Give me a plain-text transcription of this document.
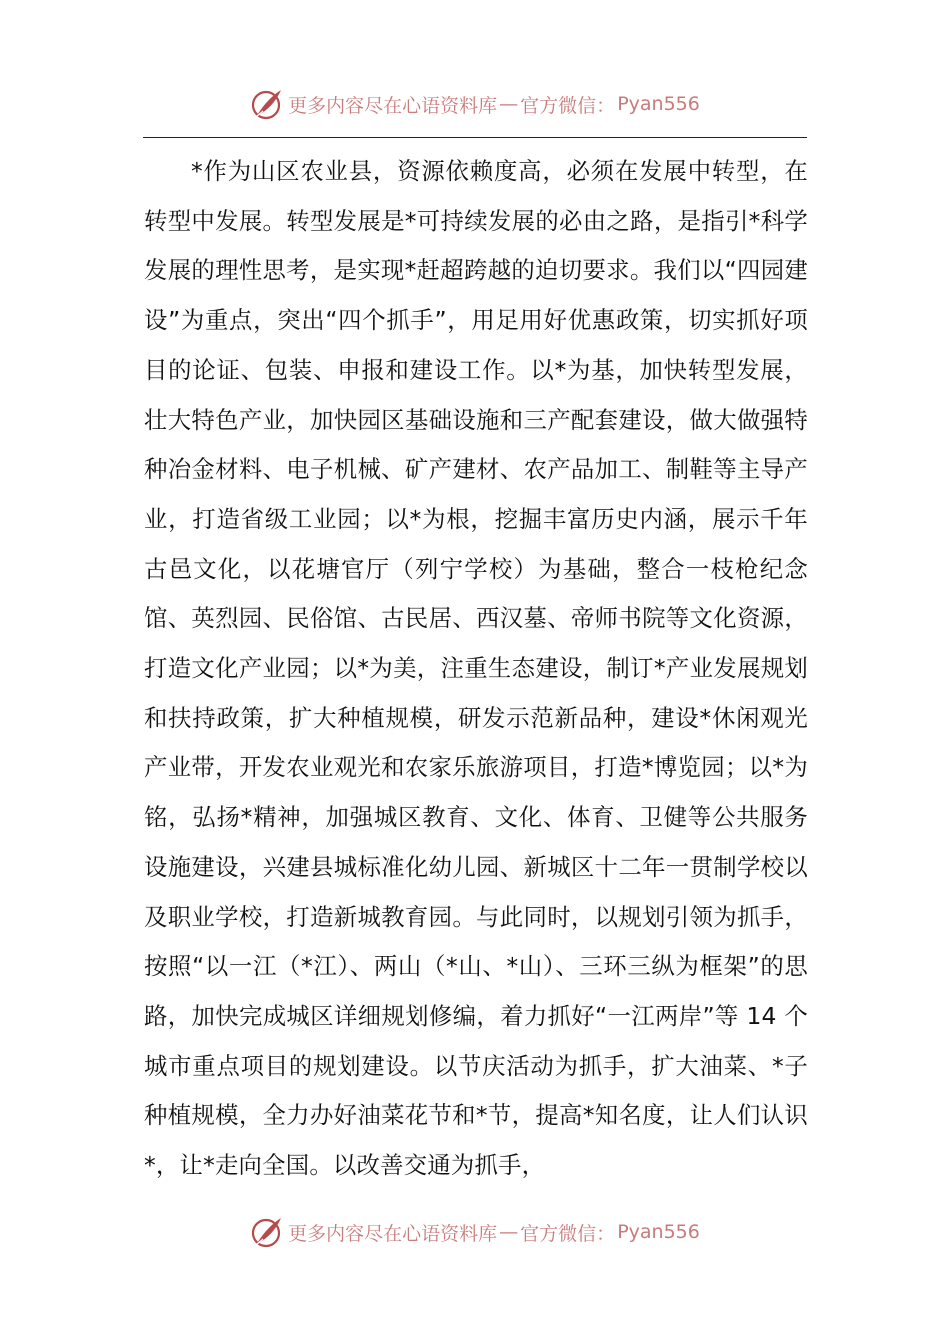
更多内容尽在心语资料库 — 官方微信： Pyan556

*作为山区农业县，资源依赖度高，必须在发展中转型，在转型中发展。转型发展是*可持续发展的必由之路，是指引*科学发展的理性思考，是实现*赶超跨越的迫切要求。我们以“四园建设”为重点，突出“四个抓手”，用足用好优惠政策，切实抓好项目的论证、包装、申报和建设工作。以*为基，加快转型发展，壮大特色产业，加快园区基础设施和三产配套建设，做大做强特种冶金材料、电子机械、矿产建材、农产品加工、制鞋等主导产业，打造省级工业园；以*为根，挖掘丰富历史内涵，展示千年古邑文化，以花塘官厅（列宁学校）为基础，整合一枝枪纪念馆、英烈园、民俗馆、古民居、西汉墓、帝师书院等文化资源，打造文化产业园；以*为美，注重生态建设，制订*产业发展规划和扶持政策，扩大种植规模，研发示范新品种，建设*休闲观光产业带，开发农业观光和农家乐旅游项目，打造*博览园；以*为铭，弘扬*精神，加强城区教育、文化、体育、卫健等公共服务设施建设，兴建县城标准化幼儿园、新城区十二年一贯制学校以及职业学校，打造新城教育园。与此同时，以规划引领为抓手，按照“以一江（*江）、两山（*山、*山）、三环三纵为框架”的思路，加快完成城区详细规划修编，着力抓好“一江两岸”等 14 个城市重点项目的规划建设。以节庆活动为抓手，扩大油菜、*子种植规模，全力办好油菜花节和*节，提高*知名度，让人们认识*，让*走向全国。以改善交通为抓手，

更多内容尽在心语资料库 — 官方微信： Pyan556
